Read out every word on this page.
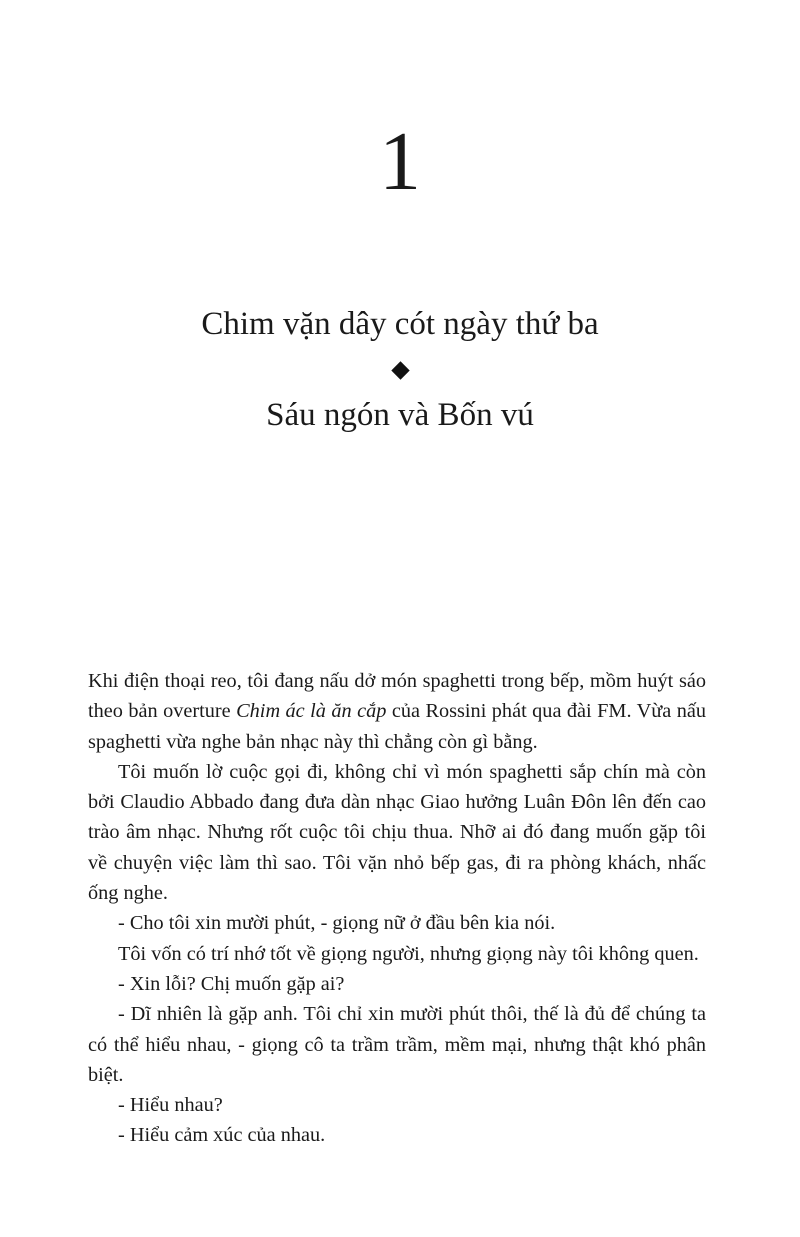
1
Chim vặn dây cót ngày thứ ba
Sáu ngón và Bốn vú

Khi điện thoại reo, tôi đang nấu dở món spaghetti trong bếp, mồm huýt sáo theo bản overture Chim ác là ăn cắp của Rossini phát qua đài FM. Vừa nấu spaghetti vừa nghe bản nhạc này thì chẳng còn gì bằng.

Tôi muốn lờ cuộc gọi đi, không chỉ vì món spaghetti sắp chín mà còn bởi Claudio Abbado đang đưa dàn nhạc Giao hưởng Luân Đôn lên đến cao trào âm nhạc. Nhưng rốt cuộc tôi chịu thua. Nhỡ ai đó đang muốn gặp tôi về chuyện việc làm thì sao. Tôi vặn nhỏ bếp gas, đi ra phòng khách, nhấc ống nghe.

- Cho tôi xin mười phút, - giọng nữ ở đầu bên kia nói.

Tôi vốn có trí nhớ tốt về giọng người, nhưng giọng này tôi không quen.

- Xin lỗi? Chị muốn gặp ai?

- Dĩ nhiên là gặp anh. Tôi chỉ xin mười phút thôi, thế là đủ để chúng ta có thể hiểu nhau, - giọng cô ta trầm trầm, mềm mại, nhưng thật khó phân biệt.

- Hiểu nhau?

- Hiểu cảm xúc của nhau.
